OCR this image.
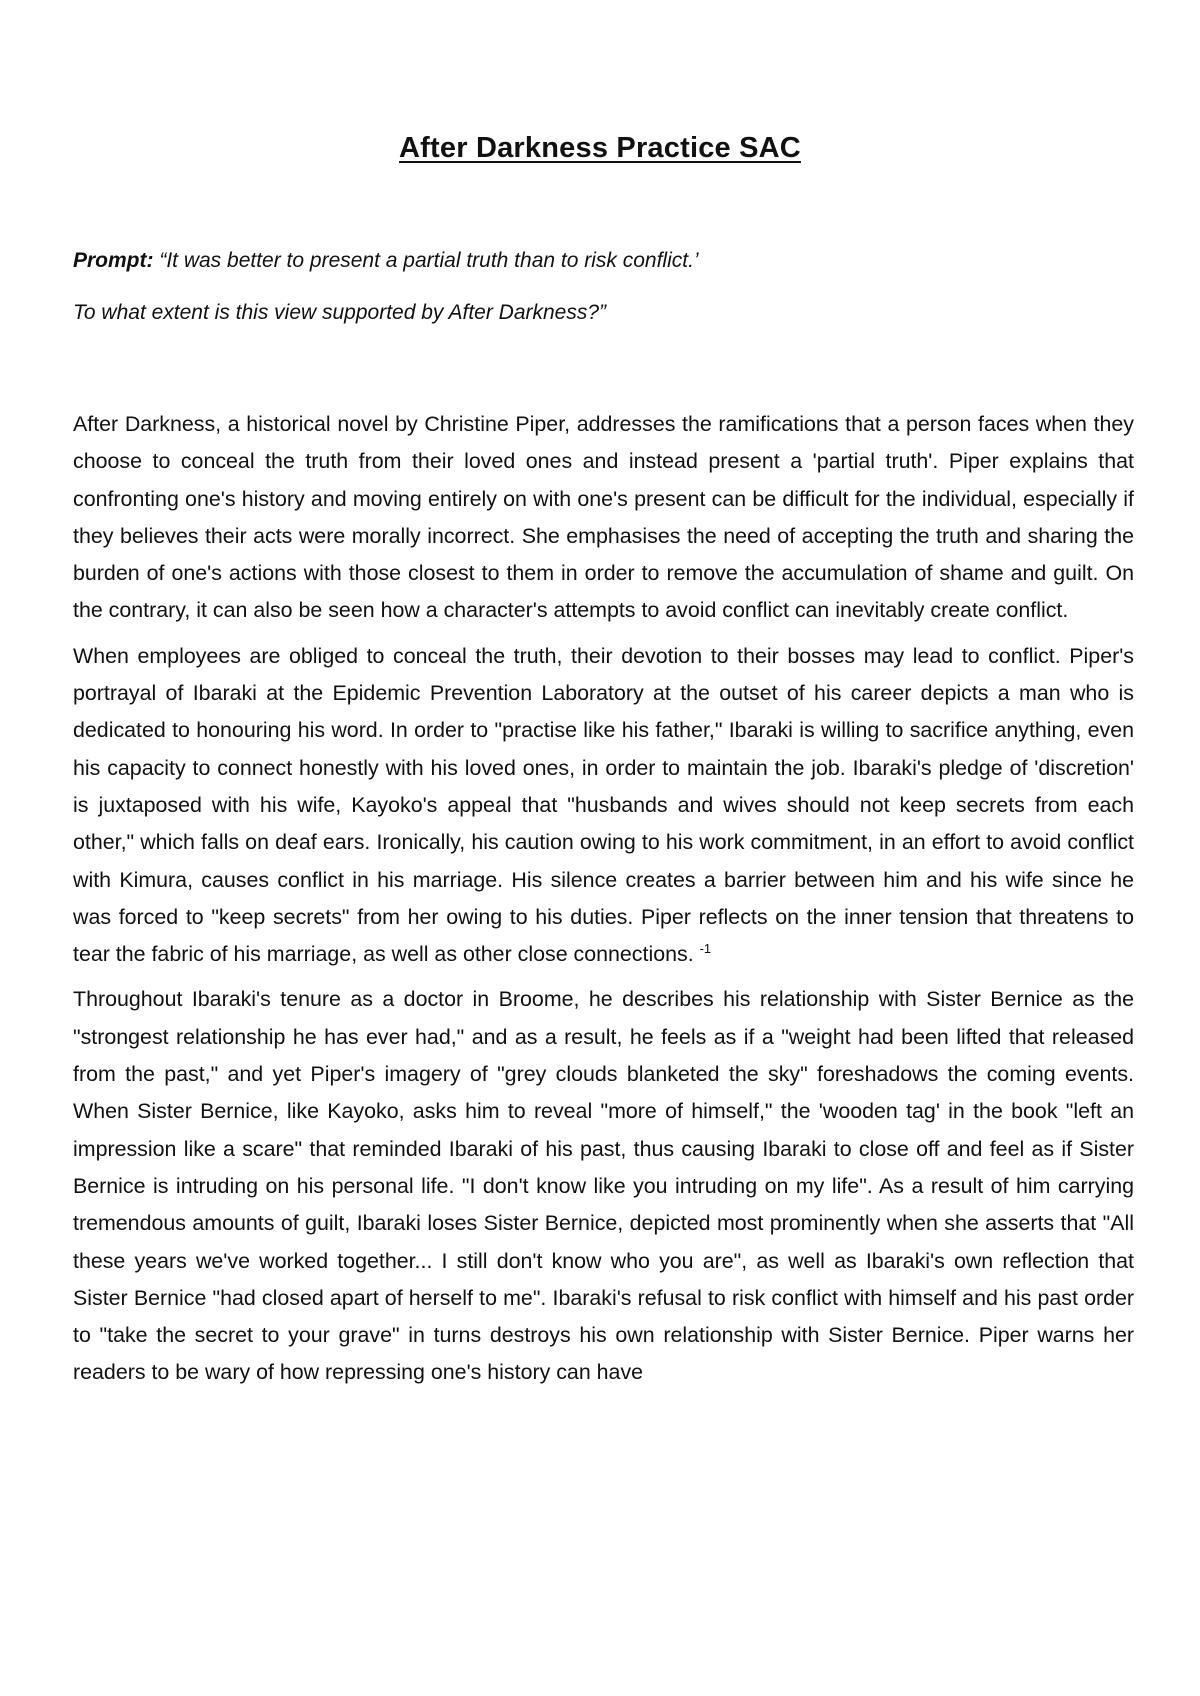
After Darkness Practice SAC

Prompt: “It was better to present a partial truth than to risk conflict.’

To what extent is this view supported by After Darkness?”

After Darkness, a historical novel by Christine Piper, addresses the ramifications that a person faces when they choose to conceal the truth from their loved ones and instead present a 'partial truth'. Piper explains that confronting one's history and moving entirely on with one's present can be difficult for the individual, especially if they believes their acts were morally incorrect. She emphasises the need of accepting the truth and sharing the burden of one's actions with those closest to them in order to remove the accumulation of shame and guilt. On the contrary, it can also be seen how a character's attempts to avoid conflict can inevitably create conflict.

When employees are obliged to conceal the truth, their devotion to their bosses may lead to conflict. Piper's portrayal of Ibaraki at the Epidemic Prevention Laboratory at the outset of his career depicts a man who is dedicated to honouring his word. In order to "practise like his father," Ibaraki is willing to sacrifice anything, even his capacity to connect honestly with his loved ones, in order to maintain the job. Ibaraki's pledge of 'discretion' is juxtaposed with his wife, Kayoko's appeal that "husbands and wives should not keep secrets from each other," which falls on deaf ears. Ironically, his caution owing to his work commitment, in an effort to avoid conflict with Kimura, causes conflict in his marriage. His silence creates a barrier between him and his wife since he was forced to "keep secrets" from her owing to his duties. Piper reflects on the inner tension that threatens to tear the fabric of his marriage, as well as other close connections. $^{-1}$

Throughout Ibaraki's tenure as a doctor in Broome, he describes his relationship with Sister Bernice as the "strongest relationship he has ever had," and as a result, he feels as if a "weight had been lifted that released from the past," and yet Piper's imagery of "grey clouds blanketed the sky" foreshadows the coming events. When Sister Bernice, like Kayoko, asks him to reveal "more of himself," the 'wooden tag' in the book "left an impression like a scare" that reminded Ibaraki of his past, thus causing Ibaraki to close off and feel as if Sister Bernice is intruding on his personal life. "I don't know like you intruding on my life". As a result of him carrying tremendous amounts of guilt, Ibaraki loses Sister Bernice, depicted most prominently when she asserts that "All these years we've worked together... I still don't know who you are", as well as Ibaraki's own reflection that Sister Bernice "had closed apart of herself to me". Ibaraki's refusal to risk conflict with himself and his past order to "take the secret to your grave" in turns destroys his own relationship with Sister Bernice. Piper warns her readers to be wary of how repressing one's history can have
